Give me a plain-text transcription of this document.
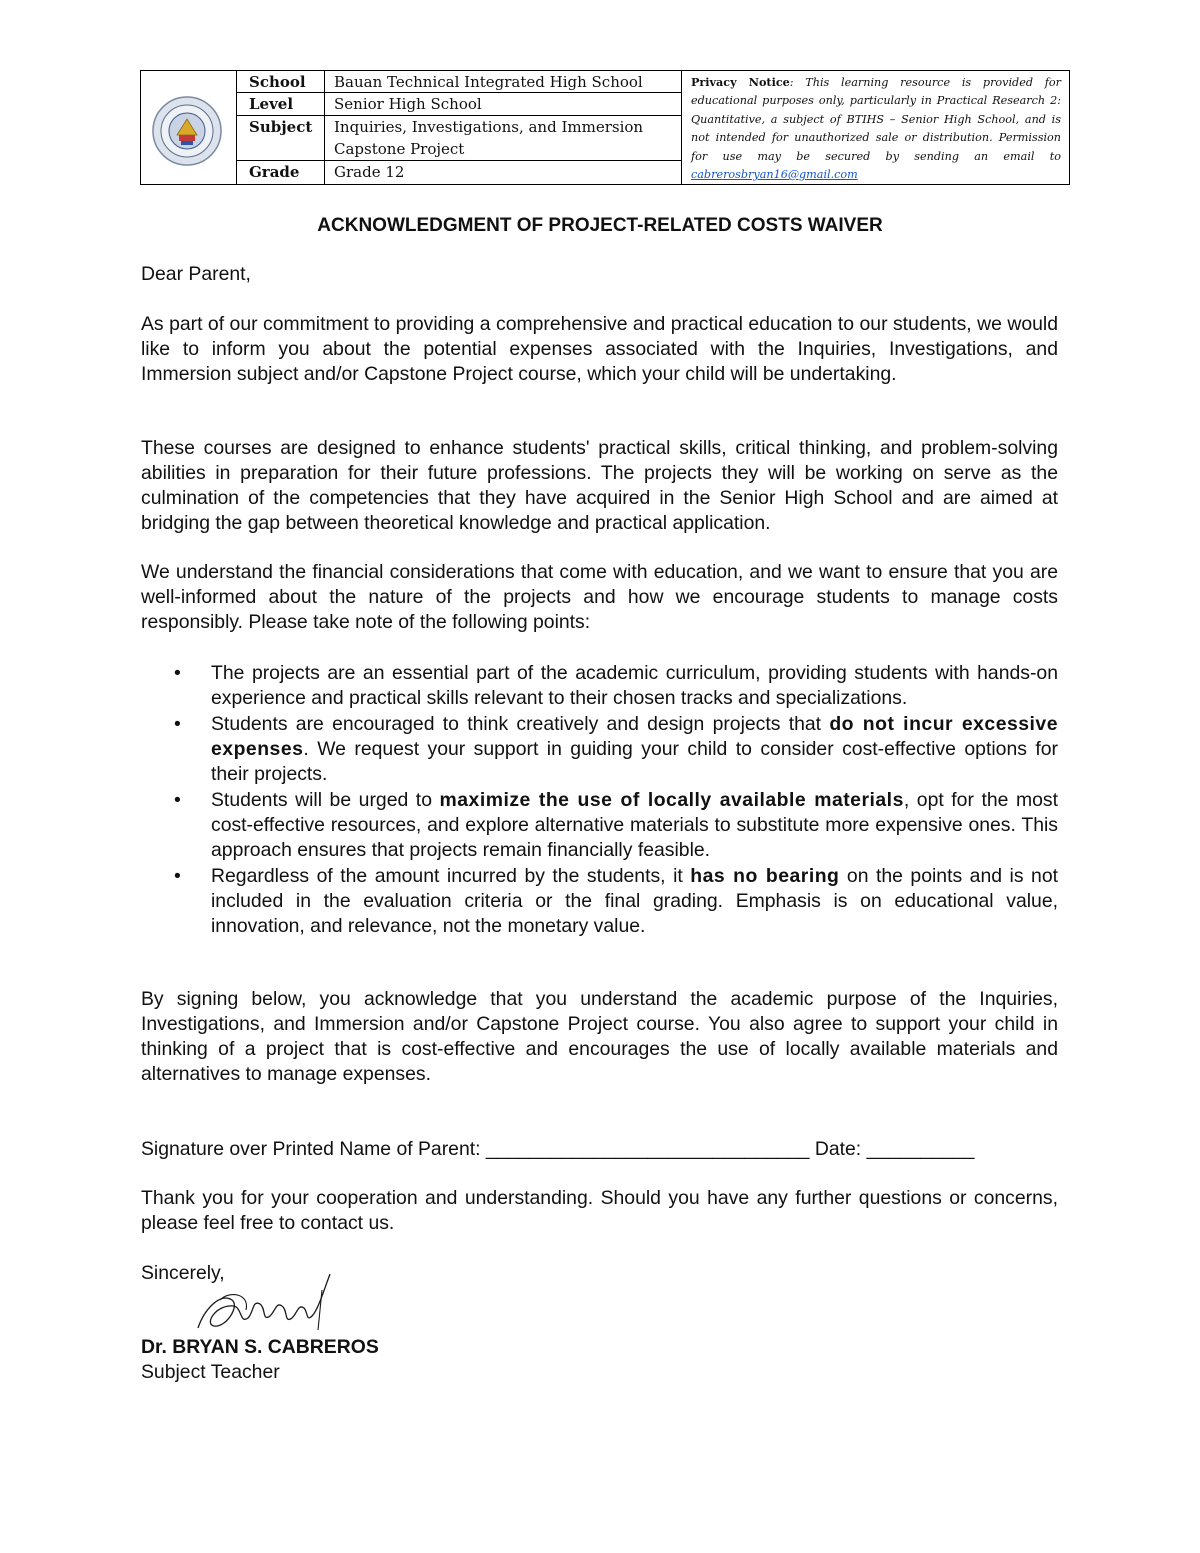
School	Bauan Technical Integrated High School
Level	Senior High School
Subject	Inquiries, Investigations, and Immersion Capstone Project
Grade	Grade 12
Privacy Notice: This learning resource is provided for educational purposes only, particularly in Practical Research 2: Quantitative, a subject of BTIHS – Senior High School, and is not intended for unauthorized sale or distribution. Permission for use may be secured by sending an email to cabrerosbryan16@gmail.com

ACKNOWLEDGMENT OF PROJECT-RELATED COSTS WAIVER

Dear Parent,

As part of our commitment to providing a comprehensive and practical education to our students, we would like to inform you about the potential expenses associated with the Inquiries, Investigations, and Immersion subject and/or Capstone Project course, which your child will be undertaking.

These courses are designed to enhance students' practical skills, critical thinking, and problem-solving abilities in preparation for their future professions. The projects they will be working on serve as the culmination of the competencies that they have acquired in the Senior High School and are aimed at bridging the gap between theoretical knowledge and practical application.

We understand the financial considerations that come with education, and we want to ensure that you are well-informed about the nature of the projects and how we encourage students to manage costs responsibly. Please take note of the following points:

• The projects are an essential part of the academic curriculum, providing students with hands-on experience and practical skills relevant to their chosen tracks and specializations.
• Students are encouraged to think creatively and design projects that do not incur excessive expenses. We request your support in guiding your child to consider cost-effective options for their projects.
• Students will be urged to maximize the use of locally available materials, opt for the most cost-effective resources, and explore alternative materials to substitute more expensive ones. This approach ensures that projects remain financially feasible.
• Regardless of the amount incurred by the students, it has no bearing on the points and is not included in the evaluation criteria or the final grading. Emphasis is on educational value, innovation, and relevance, not the monetary value.

By signing below, you acknowledge that you understand the academic purpose of the Inquiries, Investigations, and Immersion and/or Capstone Project course. You also agree to support your child in thinking of a project that is cost-effective and encourages the use of locally available materials and alternatives to manage expenses.

Signature over Printed Name of Parent: ______________________________ Date: __________

Thank you for your cooperation and understanding. Should you have any further questions or concerns, please feel free to contact us.

Sincerely,

Dr. BRYAN S. CABREROS
Subject Teacher
